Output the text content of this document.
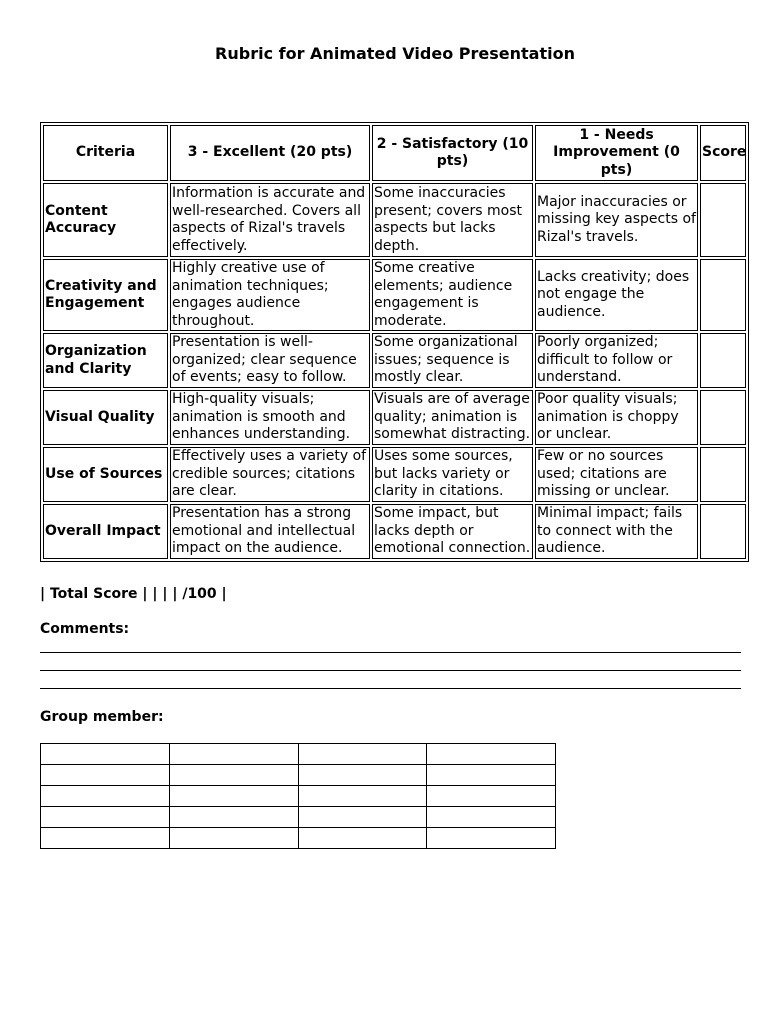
Rubric for Animated Video Presentation
Criteria	3 - Excellent (20 pts)	2 - Satisfactory (10 pts)	1 - Needs Improvement (0 pts)	Score
Content Accuracy	Information is accurate and well-researched. Covers all aspects of Rizal's travels effectively.	Some inaccuracies present; covers most aspects but lacks depth.	Major inaccuracies or missing key aspects of Rizal's travels.	
Creativity and Engagement	Highly creative use of animation techniques; engages audience throughout.	Some creative elements; audience engagement is moderate.	Lacks creativity; does not engage the audience.	
Organization and Clarity	Presentation is well-organized; clear sequence of events; easy to follow.	Some organizational issues; sequence is mostly clear.	Poorly organized; difficult to follow or understand.	
Visual Quality	High-quality visuals; animation is smooth and enhances understanding.	Visuals are of average quality; animation is somewhat distracting.	Poor quality visuals; animation is choppy or unclear.	
Use of Sources	Effectively uses a variety of credible sources; citations are clear.	Uses some sources, but lacks variety or clarity in citations.	Few or no sources used; citations are missing or unclear.	
Overall Impact	Presentation has a strong emotional and intellectual impact on the audience.	Some impact, but lacks depth or emotional connection.	Minimal impact; fails to connect with the audience.	
| Total Score | | | | /100 |
Comments:
Group member:
